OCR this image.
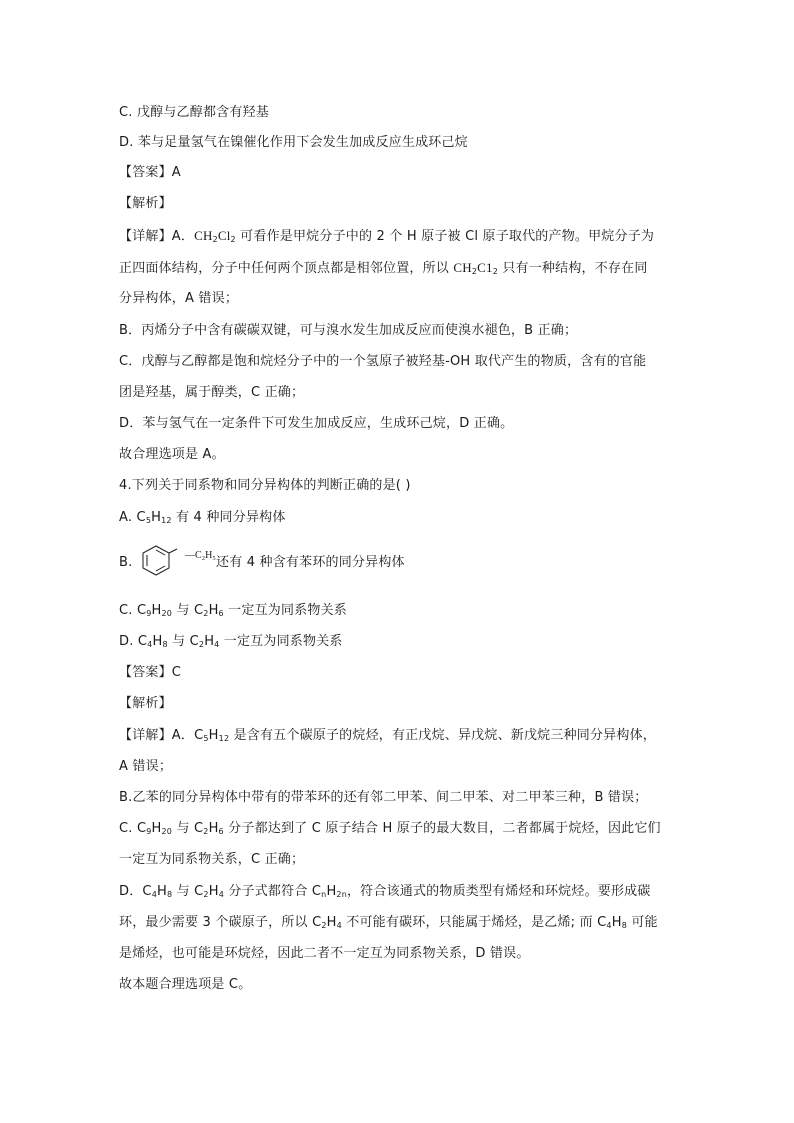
C. 戊醇与乙醇都含有羟基
D. 苯与足量氢气在镍催化作用下会发生加成反应生成环己烷
【答案】A
【解析】
【详解】A．$CH_2Cl_2$ 可看作是甲烷分子中的 2 个 H 原子被 Cl 原子取代的产物。甲烷分子为
正四面体结构，分子中任何两个顶点都是相邻位置，所以 $CH_2C1_2$ 只有一种结构，不存在同
分异构体，A 错误；
B．丙烯分子中含有碳碳双键，可与溴水发生加成反应而使溴水褪色，B 正确；
C．戊醇与乙醇都是饱和烷烃分子中的一个氢原子被羟基-OH 取代产生的物质，含有的官能
团是羟基，属于醇类，C 正确；
D．苯与氢气在一定条件下可发生加成反应，生成环己烷，D 正确。
故合理选项是 A。
4.下列关于同系物和同分异构体的判断正确的是( )
A. $C_5H_{12}$ 有 4 种同分异构体
B.	—C₂H₅ 还有 4 种含有苯环的同分异构体
C. $C_9H_{20}$ 与 $C_2H_6$ 一定互为同系物关系
D. $C_4H_8$ 与 $C_2H_4$ 一定互为同系物关系
【答案】C
【解析】
【详解】A．$C_5H_{12}$ 是含有五个碳原子的烷烃，有正戊烷、异戊烷、新戊烷三种同分异构体，
A 错误；
B.乙苯的同分异构体中带有的带苯环的还有邻二甲苯、间二甲苯、对二甲苯三种，B 错误；
C. $C_9H_{20}$ 与 $C_2H_6$ 分子都达到了 C 原子结合 H 原子的最大数目，二者都属于烷烃，因此它们
一定互为同系物关系，C 正确；
D．$C_4H_8$ 与 $C_2H_4$ 分子式都符合 $C_nH_{2n}$，符合该通式的物质类型有烯烃和环烷烃。要形成碳
环，最少需要 3 个碳原子，所以 $C_2H_4$ 不可能有碳环，只能属于烯烃，是乙烯; 而 $C_4H_8$ 可能
是烯烃，也可能是环烷烃，因此二者不一定互为同系物关系，D 错误。
故本题合理选项是 C。
